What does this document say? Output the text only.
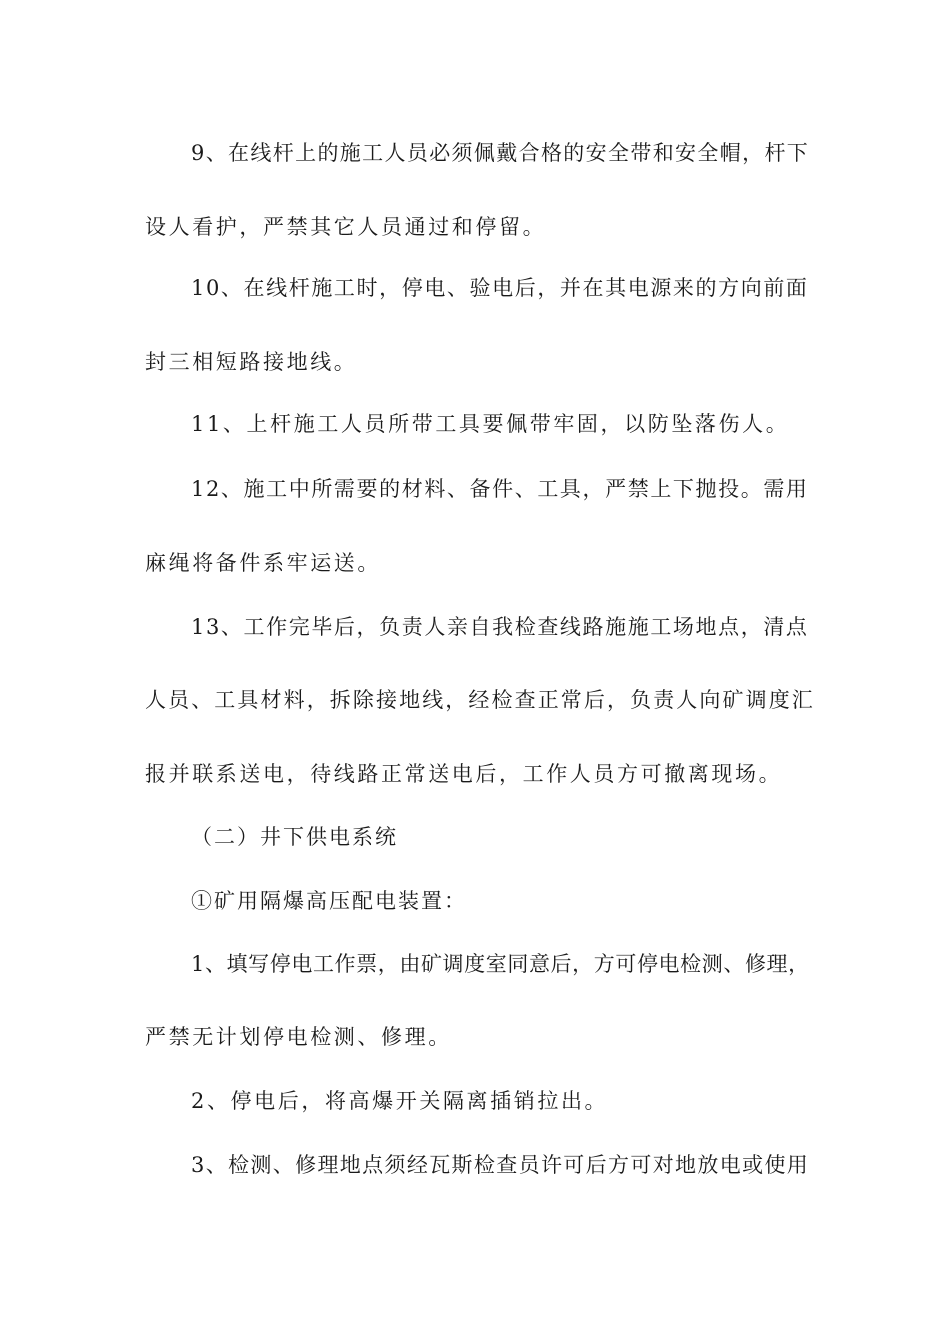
9、在线杆上的施工人员必须佩戴合格的安全带和安全帽，杆下

设人看护，严禁其它人员通过和停留。

10、在线杆施工时，停电、验电后，并在其电源来的方向前面

封三相短路接地线。

11、上杆施工人员所带工具要佩带牢固，以防坠落伤人。

12、施工中所需要的材料、备件、工具，严禁上下抛投。需用

麻绳将备件系牢运送。

13、工作完毕后，负责人亲自我检查线路施施工场地点，清点

人员、工具材料，拆除接地线，经检查正常后，负责人向矿调度汇

报并联系送电，待线路正常送电后，工作人员方可撤离现场。

（二）井下供电系统

①矿用隔爆高压配电装置：

1、填写停电工作票，由矿调度室同意后，方可停电检测、修理，

严禁无计划停电检测、修理。

2、停电后，将高爆开关隔离插销拉出。

3、检测、修理地点须经瓦斯检查员许可后方可对地放电或使用
